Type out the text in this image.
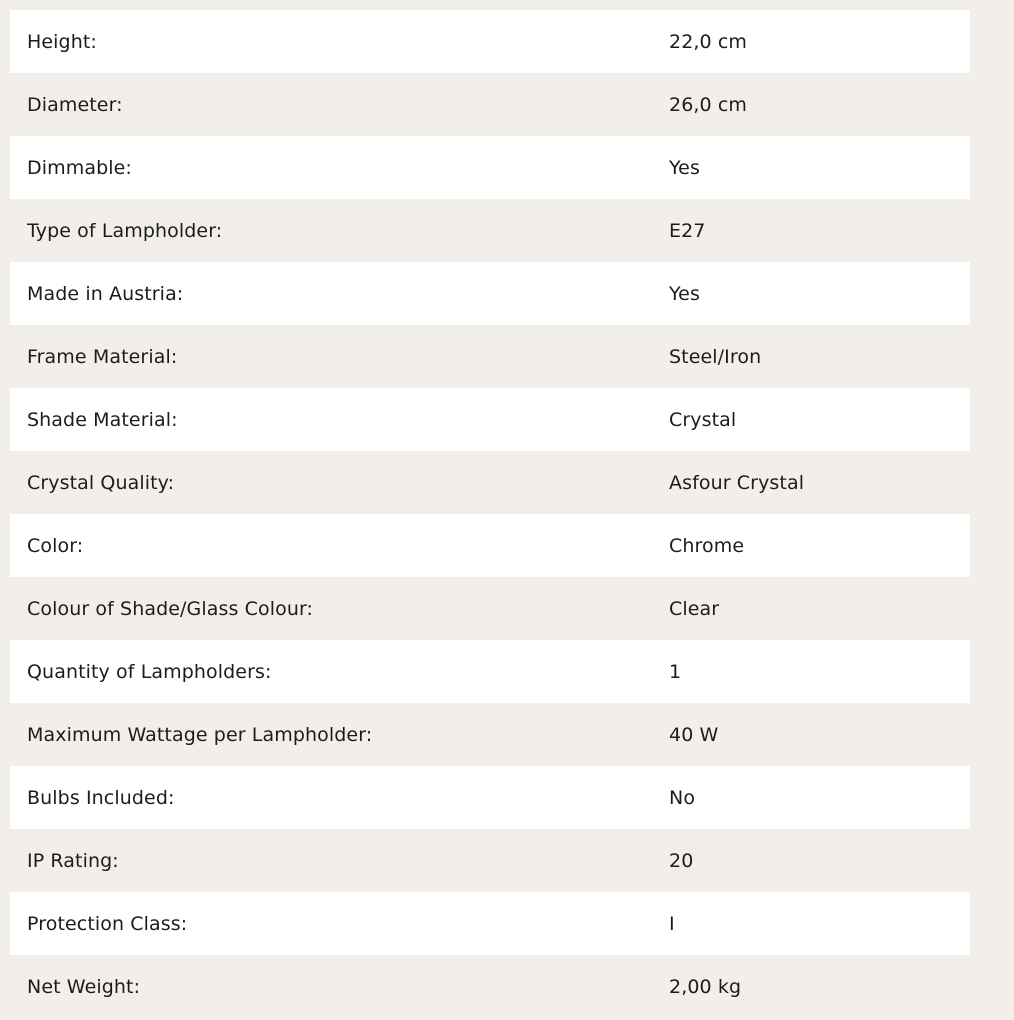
Height:	22,0 cm
Diameter:	26,0 cm
Dimmable:	Yes
Type of Lampholder:	E27
Made in Austria:	Yes
Frame Material:	Steel/Iron
Shade Material:	Crystal
Crystal Quality:	Asfour Crystal
Color:	Chrome
Colour of Shade/Glass Colour:	Clear
Quantity of Lampholders:	1
Maximum Wattage per Lampholder:	40 W
Bulbs Included:	No
IP Rating:	20
Protection Class:	I
Net Weight:	2,00 kg
